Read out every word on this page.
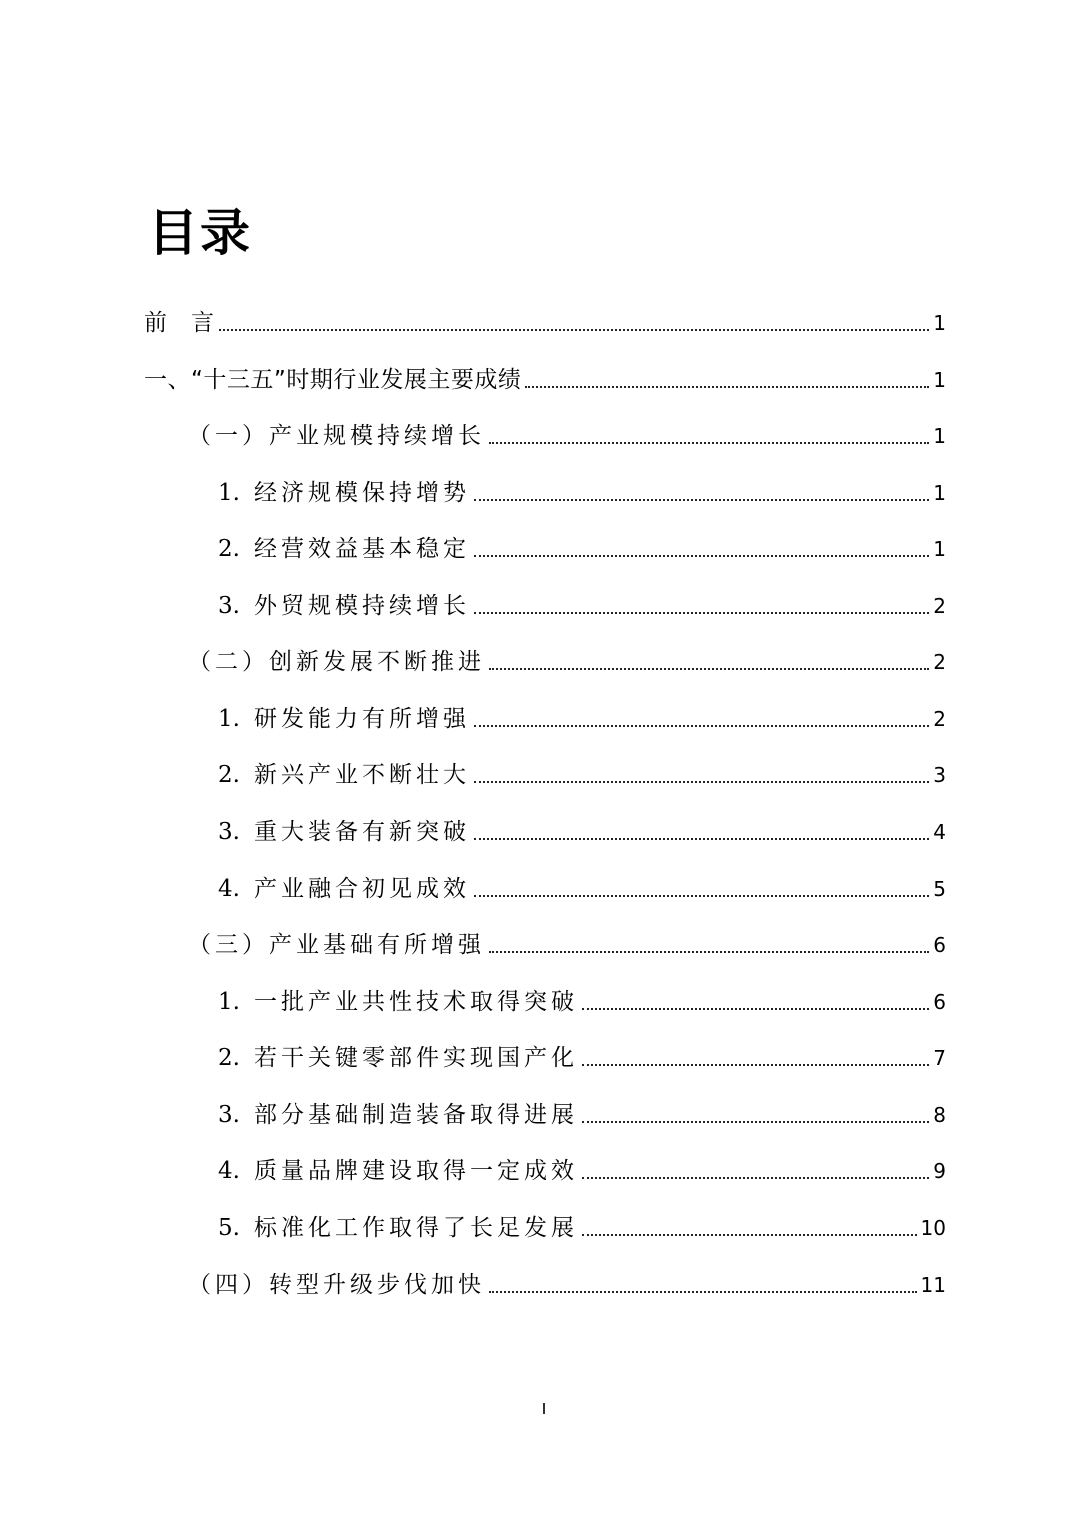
目录
前　言	1
一、“十三五”时期行业发展主要成绩	1
（一）产业规模持续增长	1
1. 经济规模保持增势	1
2. 经营效益基本稳定	1
3. 外贸规模持续增长	2
（二）创新发展不断推进	2
1. 研发能力有所增强	2
2. 新兴产业不断壮大	3
3. 重大装备有新突破	4
4. 产业融合初见成效	5
（三）产业基础有所增强	6
1. 一批产业共性技术取得突破	6
2. 若干关键零部件实现国产化	7
3. 部分基础制造装备取得进展	8
4. 质量品牌建设取得一定成效	9
5. 标准化工作取得了长足发展	10
（四）转型升级步伐加快	11
